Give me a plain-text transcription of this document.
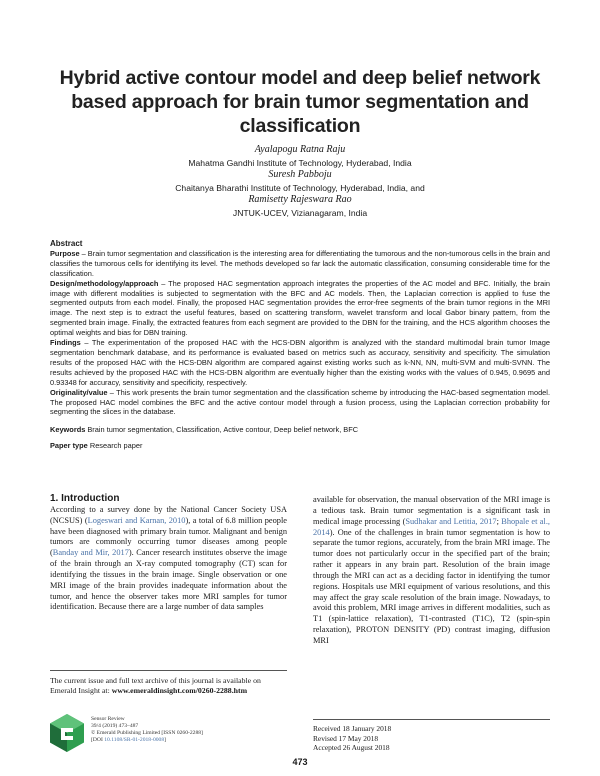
Hybrid active contour model and deep belief network based approach for brain tumor segmentation and classification
Ayalapogu Ratna Raju
Mahatma Gandhi Institute of Technology, Hyderabad, India
Suresh Pabboju
Chaitanya Bharathi Institute of Technology, Hyderabad, India, and
Ramisetty Rajeswara Rao
JNTUK-UCEV, Vizianagaram, India

Abstract

Purpose – Brain tumor segmentation and classification is the interesting area for differentiating the tumorous and the non-tumorous cells in the brain and classifies the tumorous cells for identifying its level. The methods developed so far lack the automatic classification, consuming considerable time for the classification.

Design/methodology/approach – The proposed HAC segmentation approach integrates the properties of the AC model and BFC. Initially, the brain image with different modalities is subjected to segmentation with the BFC and AC models. Then, the Laplacian correction is applied to fuse the segmented outputs from each model. Finally, the proposed HAC segmentation provides the error-free segments of the brain tumor regions in the MRI image. The next step is to extract the useful features, based on scattering transform, wavelet transform and local Gabor binary pattern, from the segmented brain image. Finally, the extracted features from each segment are provided to the DBN for the training, and the HCS algorithm chooses the optimal weights and bias for DBN training.

Findings – The experimentation of the proposed HAC with the HCS-DBN algorithm is analyzed with the standard multimodal brain tumor Image segmentation benchmark database, and its performance is evaluated based on metrics such as accuracy, sensitivity and specificity. The simulation results of the proposed HAC with the HCS-DBN algorithm are compared against existing works such as k-NN, NN, multi-SVM and multi-SVNN. The results achieved by the proposed HAC with the HCS-DBN algorithm are eventually higher than the existing works with the values of 0.945, 0.9695 and 0.93348 for accuracy, sensitivity and specificity, respectively.

Originality/value – This work presents the brain tumor segmentation and the classification scheme by introducing the HAC-based segmentation model. The proposed HAC model combines the BFC and the active contour model through a fusion process, using the Laplacian correction probability for segmenting the slices in the database.

Keywords Brain tumor segmentation, Classification, Active contour, Deep belief network, BFC

Paper type Research paper

1. Introduction

According to a survey done by the National Cancer Society USA (NCSUS) (Logeswari and Karnan, 2010), a total of 6.8 million people have been diagnosed with primary brain tumor. Malignant and benign tumors are commonly occurring tumor diseases among people (Banday and Mir, 2017). Cancer research institutes observe the image of the brain through an X-ray computed tomography (CT) scan for identifying the tissues in the brain image. Single observation or one MRI image of the brain provides inadequate information about the tumor, and hence the observer takes more MRI samples for tumor identification. Because there are a large number of data samples

available for observation, the manual observation of the MRI image is a tedious task. Brain tumor segmentation is a significant task in medical image processing (Sudhakar and Letitia, 2017; Bhopale et al., 2014). One of the challenges in brain tumor segmentation is how to separate the tumor regions, accurately, from the brain MRI image. The tumor does not particularly occur in the specified part of the brain; rather it appears in any brain part. Resolution of the brain image through the MRI can act as a deciding factor in identifying the tumor regions. Hospitals use MRI equipment of various resolutions, and this may affect the gray scale resolution of the brain image. Nowadays, to avoid this problem, MRI image arrives in different modalities, such as T1 (spin-lattice relaxation), T1-contrasted (T1C), T2 (spin-spin relaxation), PROTON DENSITY (PD) contrast imaging, diffusion MRI

The current issue and full text archive of this journal is available on Emerald Insight at: www.emeraldinsight.com/0260-2288.htm
Sensor Review
39/4 (2019) 473–487
© Emerald Publishing Limited [ISSN 0260-2288]
[DOI 10.1108/SR-01-2018-0008]
Received 18 January 2018
Revised 17 May 2018
Accepted 26 August 2018
473
